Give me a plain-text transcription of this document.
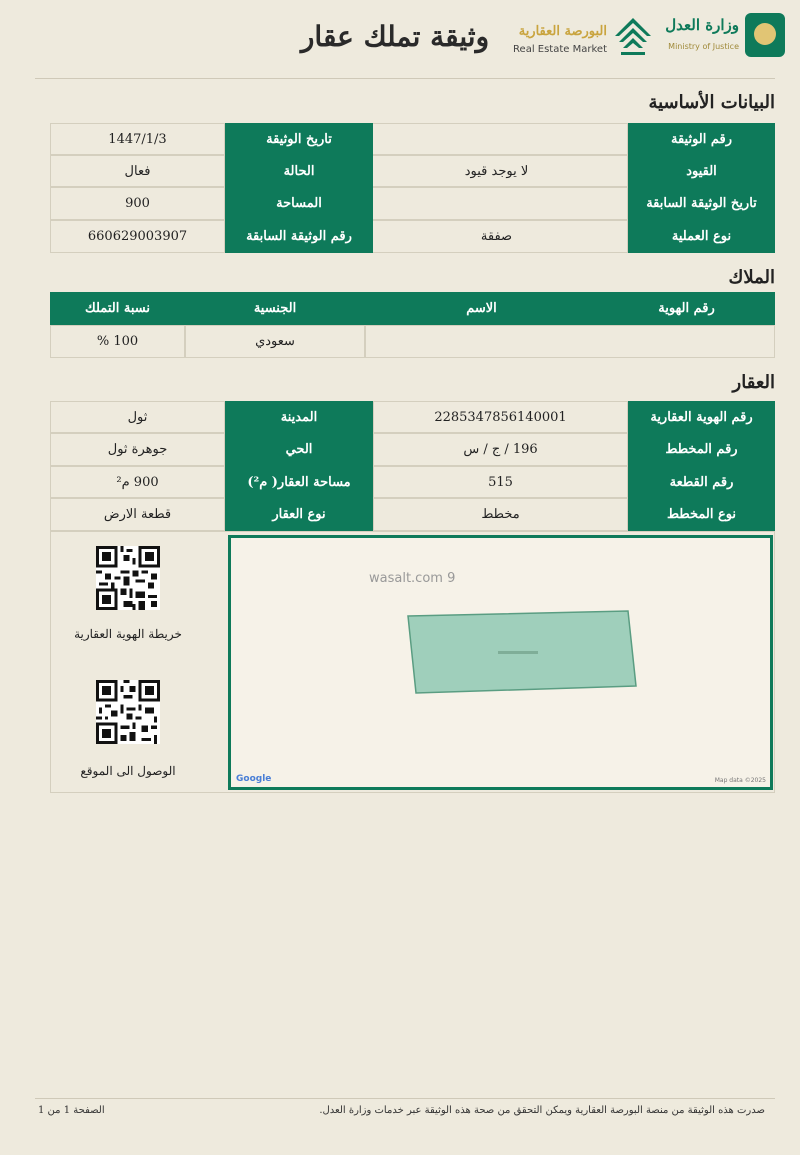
وثيقة تملك عقار	وزارة العدل
Ministry of Justice
البورصة العقارية
Real Estate Market
البيانات الأساسية
رقم الوثيقة
تاريخ الوثيقة
1447/1/3
القيود
لا يوجد قيود
الحالة
فعال
تاريخ الوثيقة السابقة
المساحة
900
نوع العملية
صفقة
رقم الوثيقة السابقة
660629003907
الملاك
رقم الهوية
الاسم
الجنسية
نسبة التملك
سعودي
100 %
العقار
رقم الهوية العقارية
2285347856140001
المدينة
ثول
رقم المخطط
196 / ج / س
الحي
جوهرة ثول
رقم القطعة
515
مساحة العقار( م²)
900 م²
نوع المخطط
مخطط
نوع العقار
قطعة الارض
خريطة الهوية العقارية
الوصول الى الموقع
wasalt.com 9
Google	Map data ©2025
صدرت هذه الوثيقة من منصة البورصة العقارية ويمكن التحقق من صحة هذه الوثيقة عبر خدمات وزارة العدل.
الصفحة 1 من 1
